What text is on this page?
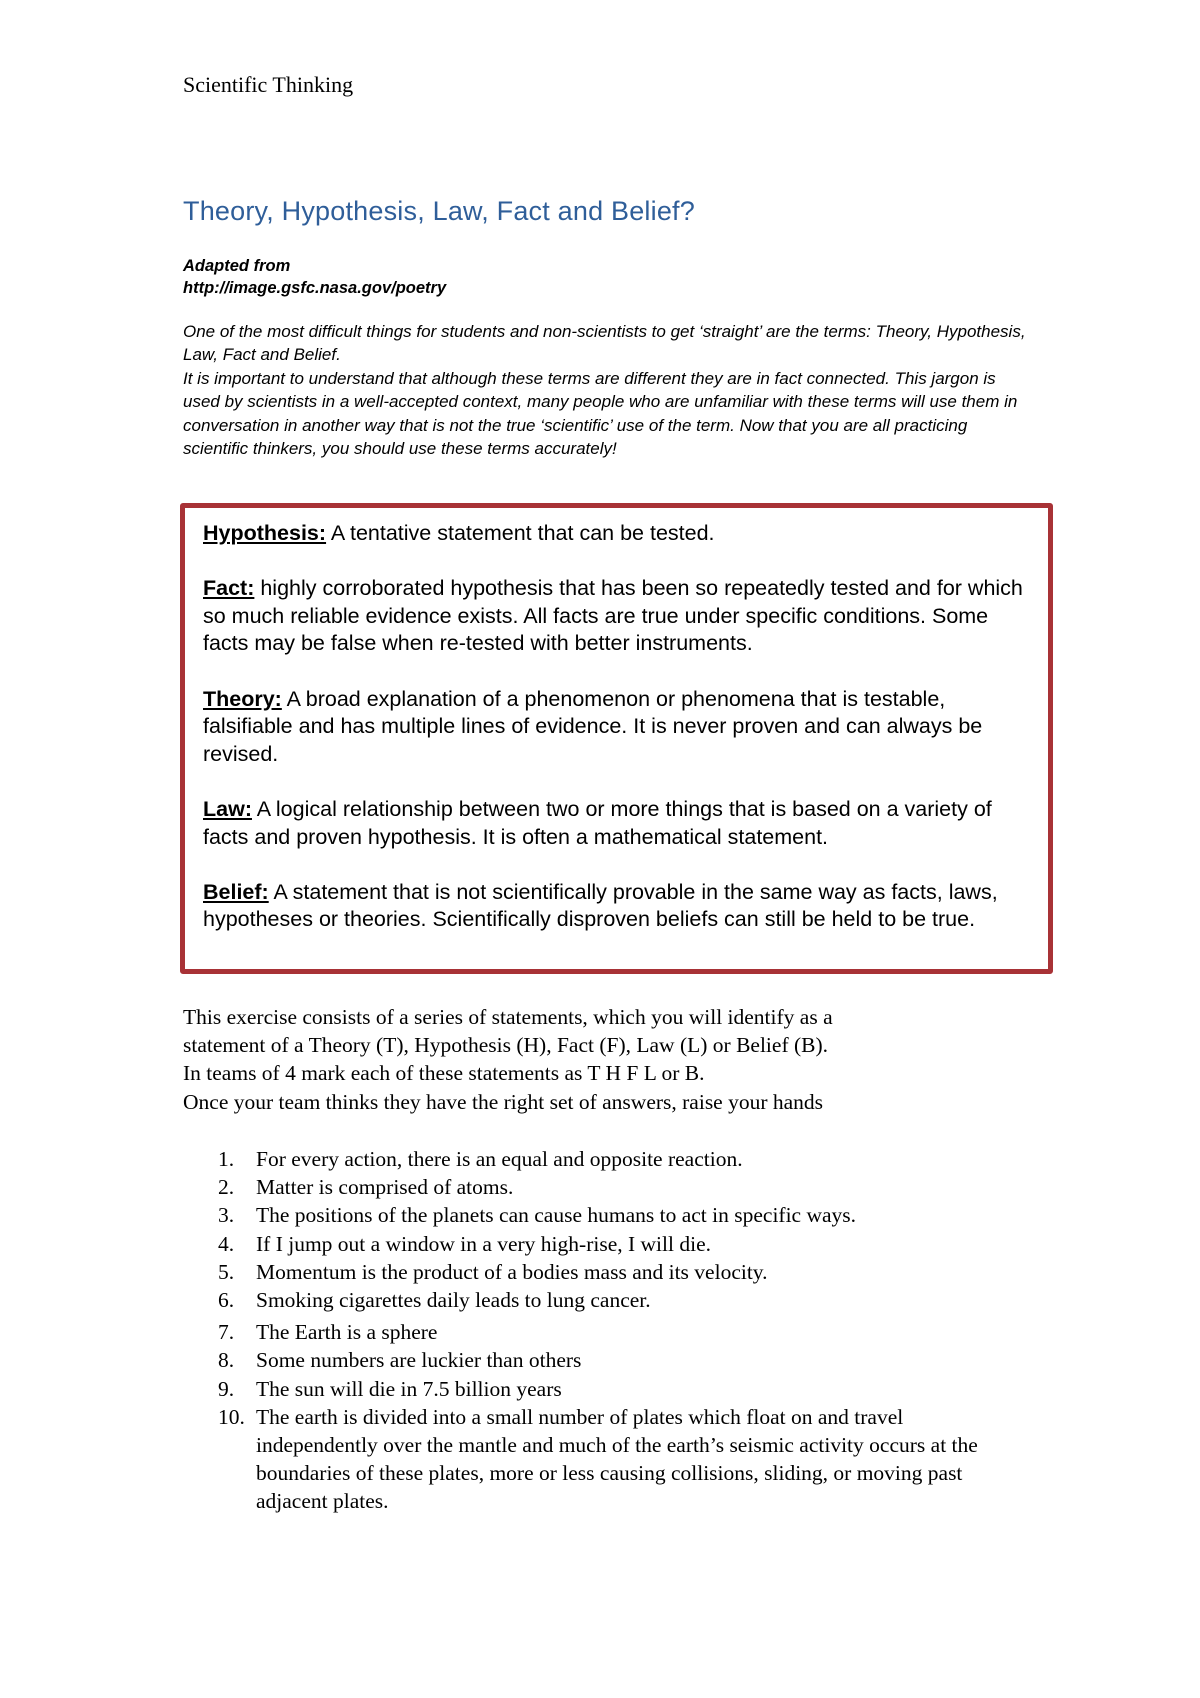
Scientific Thinking
Theory, Hypothesis, Law, Fact and Belief?
Adapted from
http://image.gsfc.nasa.gov/poetry

One of the most difficult things for students and non-scientists to get ‘straight’ are the terms: Theory, Hypothesis, Law, Fact and Belief.

It is important to understand that although these terms are different they are in fact connected. This jargon is used by scientists in a well-accepted context, many people who are unfamiliar with these terms will use them in conversation in another way that is not the true ‘scientific’ use of the term. Now that you are all practicing scientific thinkers, you should use these terms accurately!

Hypothesis: A tentative statement that can be tested.

Fact: highly corroborated hypothesis that has been so repeatedly tested and for which so much reliable evidence exists. All facts are true under specific conditions. Some facts may be false when re-tested with better instruments.

Theory: A broad explanation of a phenomenon or phenomena that is testable, falsifiable and has multiple lines of evidence. It is never proven and can always be revised.

Law: A logical relationship between two or more things that is based on a variety of facts and proven hypothesis. It is often a mathematical statement.

Belief: A statement that is not scientifically provable in the same way as facts, laws, hypotheses or theories. Scientifically disproven beliefs can still be held to be true.

This exercise consists of a series of statements, which you will identify as a

statement of a Theory (T), Hypothesis (H), Fact (F), Law (L) or Belief (B).

In teams of 4 mark each of these statements as T H F L or B.

Once your team thinks they have the right set of answers, raise your hands

1. For every action, there is an equal and opposite reaction.
2. Matter is comprised of atoms.
3. The positions of the planets can cause humans to act in specific ways.
4. If I jump out a window in a very high-rise, I will die.
5. Momentum is the product of a bodies mass and its velocity.
6. Smoking cigarettes daily leads to lung cancer.
7. The Earth is a sphere
8. Some numbers are luckier than others
9. The sun will die in 7.5 billion years
10. The earth is divided into a small number of plates which float on and travel independently over the mantle and much of the earth’s seismic activity occurs at the boundaries of these plates, more or less causing collisions, sliding, or moving past adjacent plates.
